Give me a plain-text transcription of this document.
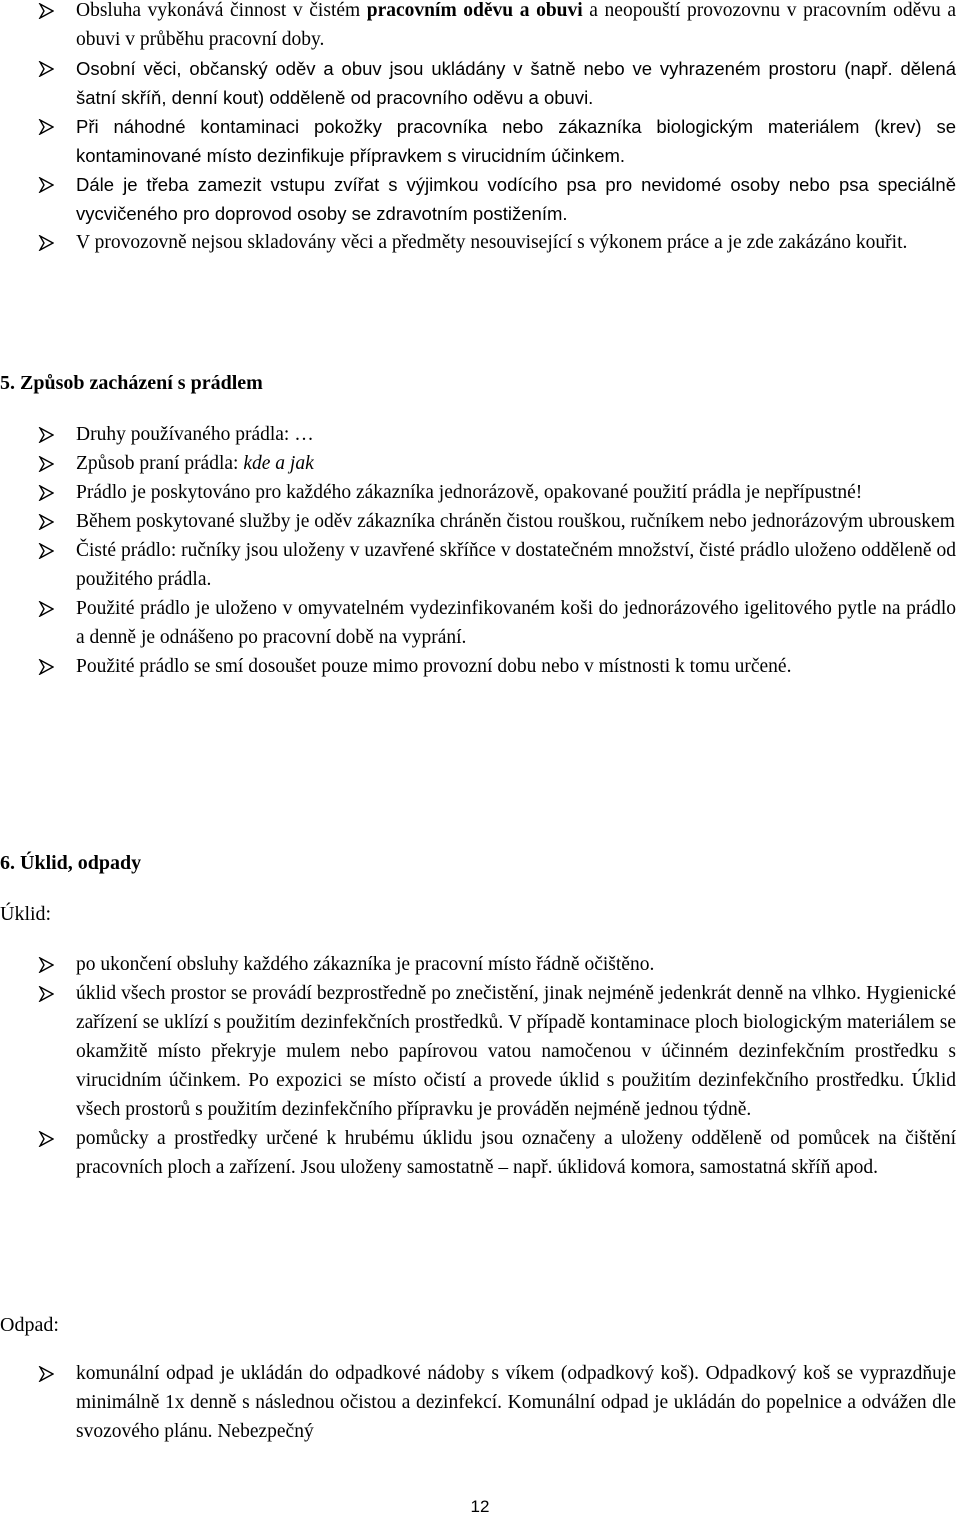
Obsluha vykonává činnost v čistém pracovním oděvu a obuvi a neopouští provozovnu v pracovním oděvu a obuvi v průběhu pracovní doby.
Osobní věci, občanský oděv a obuv jsou ukládány v šatně nebo ve vyhrazeném prostoru (např. dělená šatní skříň, denní kout) odděleně od pracovního oděvu a obuvi.
Při náhodné kontaminaci pokožky pracovníka nebo zákazníka biologickým materiálem (krev) se kontaminované místo dezinfikuje přípravkem s virucidním účinkem.
Dále je třeba zamezit vstupu zvířat s výjimkou vodícího psa pro nevidomé osoby nebo psa speciálně vycvičeného pro doprovod osoby se zdravotním postižením.
V provozovně nejsou skladovány věci a předměty nesouvisející s výkonem práce a je zde zakázáno kouřit.
5. Způsob zacházení s prádlem
Druhy používaného prádla: …
Způsob praní prádla: kde a jak
Prádlo je poskytováno pro každého zákazníka jednorázově, opakované použití prádla je nepřípustné!
Během poskytované služby je oděv zákazníka chráněn čistou rouškou, ručníkem nebo jednorázovým ubrouskem
Čisté prádlo: ručníky jsou uloženy v uzavřené skříňce v dostatečném množství, čisté prádlo uloženo odděleně od použitého prádla.
Použité prádlo je uloženo v omyvatelném vydezinfikovaném koši do jednorázového igelitového pytle na prádlo a denně je odnášeno po pracovní době na vyprání.
Použité prádlo se smí dosoušet pouze mimo provozní dobu nebo v místnosti k tomu určené.
6. Úklid, odpady
Úklid:
po ukončení obsluhy každého zákazníka je pracovní místo řádně očištěno.
úklid všech prostor se provádí bezprostředně po znečistění, jinak nejméně jedenkrát denně na vlhko. Hygienické zařízení se uklízí s použitím dezinfekčních prostředků. V případě kontaminace ploch biologickým materiálem se okamžitě místo překryje mulem nebo papírovou vatou namočenou v účinném dezinfekčním prostředku s virucidním účinkem. Po expozici se místo očistí a provede úklid s použitím dezinfekčního prostředku. Úklid všech prostorů s použitím dezinfekčního přípravku je prováděn nejméně jednou týdně.
pomůcky a prostředky určené k hrubému úklidu jsou označeny a uloženy odděleně od pomůcek na čištění pracovních ploch a zařízení. Jsou uloženy samostatně – např. úklidová komora, samostatná skříň apod.
Odpad:
komunální odpad je ukládán do odpadkové nádoby s víkem (odpadkový koš). Odpadkový koš se vyprazdňuje minimálně 1x denně s následnou očistou a dezinfekcí. Komunální odpad je ukládán do popelnice a odvážen dle svozového plánu. Nebezpečný
12
